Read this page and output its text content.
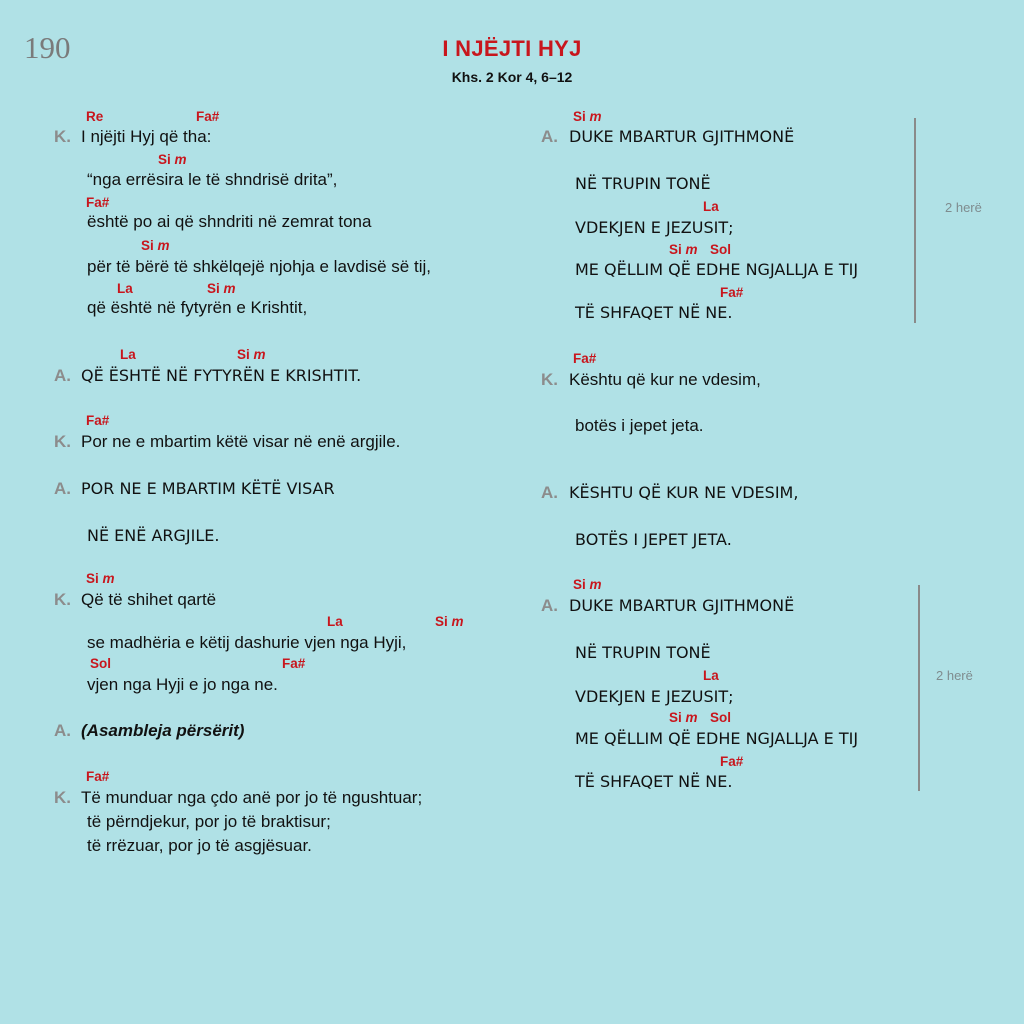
190	I NJËJTI HYJ
Khs. 2 Kor 4, 6–12
Re	Fa#
K. I njëjti Hyj që tha:
Si m
“nga errësira le të shndrisë drita”,
Fa#
është po ai që shndriti në zemrat tona
Si m
për të bërë të shkëlqejë njohja e lavdisë së tij,
La	Si m
që është në fytyrën e Krishtit,
La	Si m
A. QË ËSHTË NË FYTYRËN E KRISHTIT.
Fa#
K. Por ne e mbartim këtë visar në enë argjile.
A. POR NE E MBARTIM KËTË VISAR
NË ENË ARGJILE.
Si m
K. Që të shihet qartë
La	Si m
se madhëria e këtij dashurie vjen nga Hyji,
Sol	Fa#
vjen nga Hyji e jo nga ne.
A. (Asambleja përsërit)
Fa#
K. Të munduar nga çdo anë por jo të ngushtuar;
të përndjekur, por jo të braktisur;
të rrëzuar, por jo të asgjësuar.
Si m
A. DUKE MBARTUR GJITHMONË
NË TRUPIN TONË
La
VDEKJEN E JEZUSIT;
Si m Sol
ME QËLLIM QË EDHE NGJALLJA E TIJ
Fa#
TË SHFAQET NË NE.
2 herë
Fa#
K. Kështu që kur ne vdesim,
botës i jepet jeta.
A. KËSHTU QË KUR NE VDESIM,
BOTËS I JEPET JETA.
Si m
A. DUKE MBARTUR GJITHMONË
NË TRUPIN TONË
La
VDEKJEN E JEZUSIT;
Si m Sol
ME QËLLIM QË EDHE NGJALLJA E TIJ
Fa#
TË SHFAQET NË NE.
2 herë
